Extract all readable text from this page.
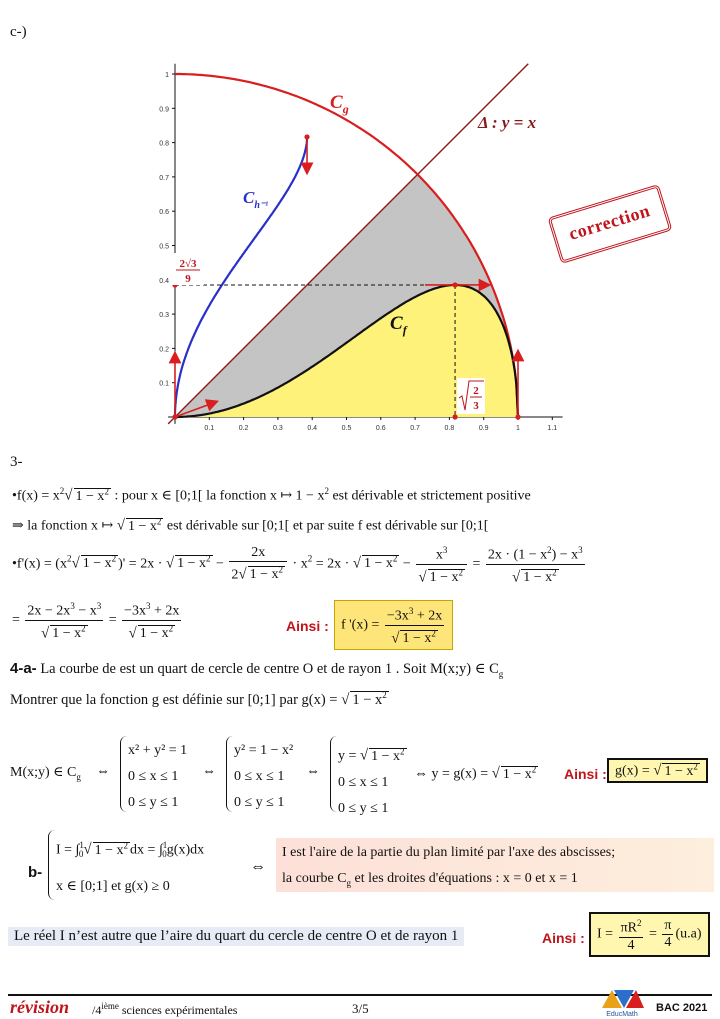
c-)
0.1	0.2	0.3	0.4	0.5	0.6	0.7	0.8	0.9	1	1.1
0.1
0.2
0.3
0.4
0.5
0.6
0.7
0.8
0.9
1
$C_g$
Δ : y = x
$C_{h^{-1}}$
$C_f$
2√3
9
2
3
correction
3-
•f(x) = $x^2√$ $1 - x^2$ : pour x ∈ [0;1[ la fonction x ↦ $1 - x^2$ est dérivable et strictement positive
⇒ la fonction x ↦ √ $1 - x^2$ est dérivable sur [0;1[ et par suite f est dérivable sur [0;1[
•f'(x) = ($x^2√$ $1 - x^2$ )' = 2x · √ $1 - x^2 - \frac{2x}{2√ 1 - x^2} \cdot x^2 = 2x$ · √ $1 - x^2 - \frac{x^3}{√ 1 - x^2} = \frac{2x \cdot (1 - x^2) - x^3}{√ 1 - x^2}$
= $\frac{2x - 2x^3 - x^3}{√ 1 - x^2} = \frac{-3x^3 + 2x}{√ 1 - x^2}$	Ainsi : f '$(x) = \frac{-3x^3 + 2x}{√ 1 - x^2}$
4-a- La courbe de est un quart de cercle de centre O et de rayon 1 . Soit M(x;y) ∈ $C_g$
Montrer que la fonction g est définie sur [0;1] par g(x) = √ $1 - x^2$
M(x;y) ∈ $C_g$ ⇔
x² + y² = 1
0 ≤ x ≤ 1
0 ≤ y ≤ 1
⇔
y² = 1 − x²
0 ≤ x ≤ 1
0 ≤ y ≤ 1
⇔
y = √ $1 - x^2$
0 ≤ x ≤ 1
0 ≤ y ≤ 1
⇔ y = g(x) = √ $1 - x^2$ Ainsi : g(x) = √ $1 - x^2$
b-
I = ∫$^1$0√ $1 - x^2$ dx = ∫$^1$0g(x)dx
x ∈ [0;1] et g(x) ≥ 0
⇔
I est l'aire de la partie du plan limité par l'axe des abscisses;
la courbe $C_g$ et les droites d'équations : x = 0 et x = 1
Le réel I n’est autre que l’aire du quart du cercle de centre O et de rayon 1	Ainsi : $I = \frac{\pi R^2}{4} = \frac{\pi}{4} (u.a)$
révision /4ième sciences expérimentales	3/5	EducMath
BAC 2021
